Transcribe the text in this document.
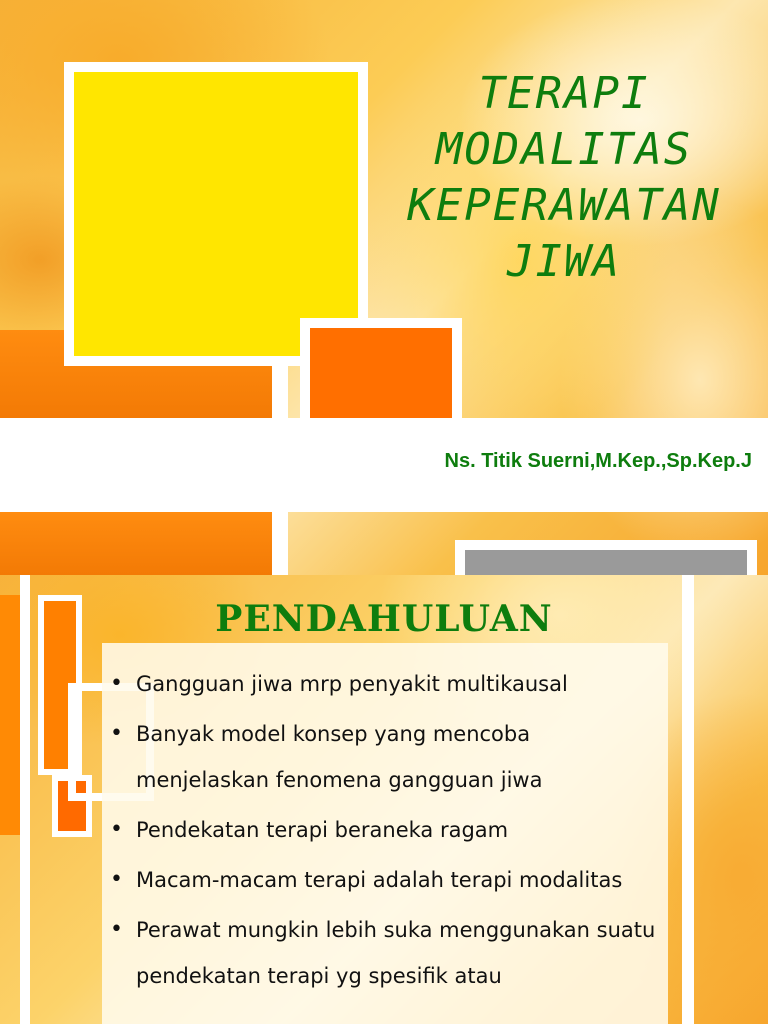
TERAPI
MODALITAS
KEPERAWATAN
JIWA
Ns. Titik Suerni,M.Kep.,Sp.Kep.J
PENDAHULUAN
• Gangguan jiwa mrp penyakit multikausal
• Banyak model konsep yang mencoba menjelaskan fenomena gangguan jiwa
• Pendekatan terapi beraneka ragam
• Macam-macam terapi adalah terapi modalitas
• Perawat mungkin lebih suka menggunakan suatu pendekatan terapi yg spesifik atau
